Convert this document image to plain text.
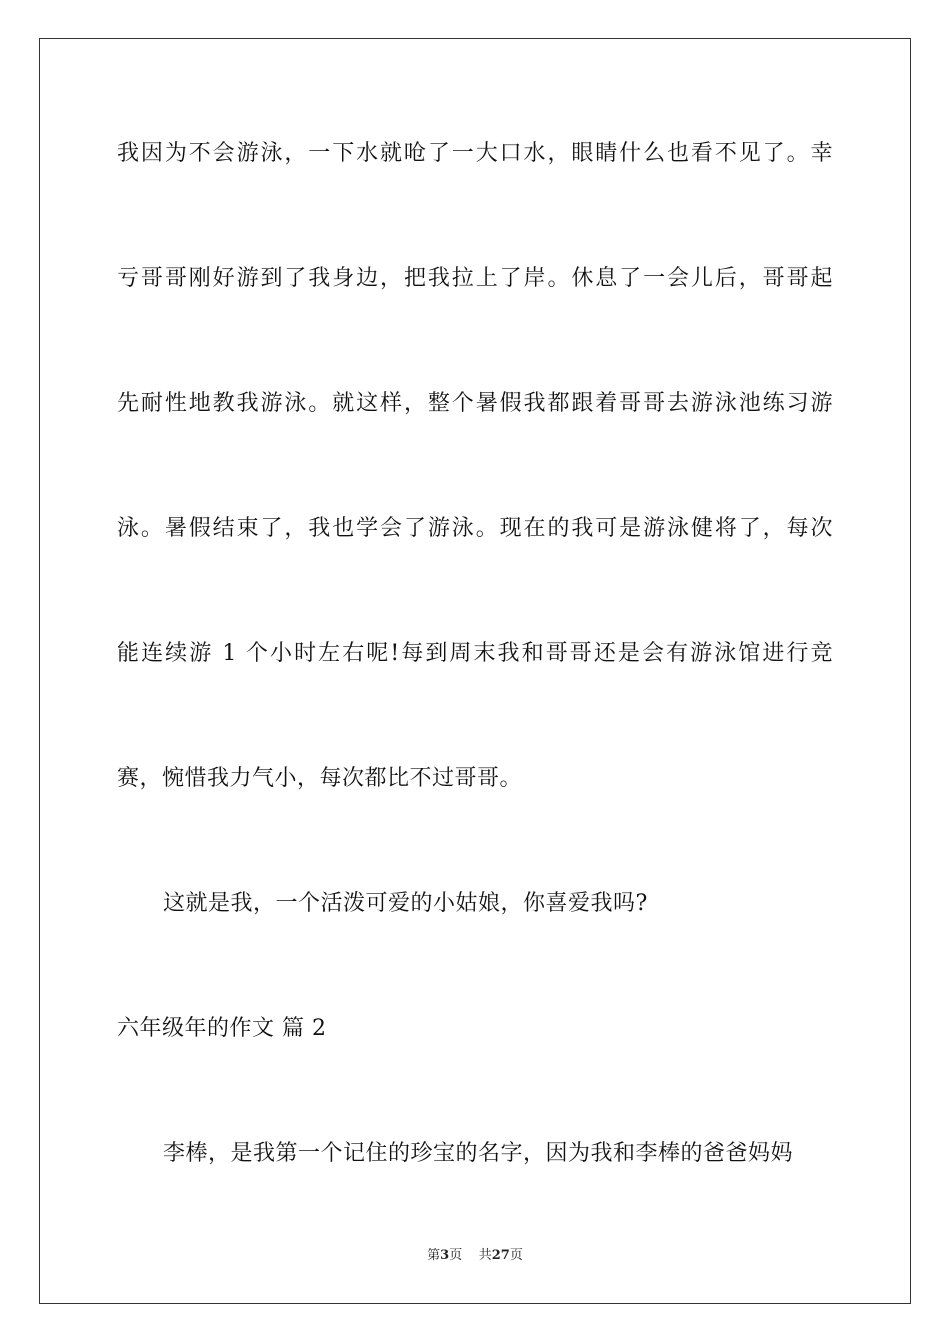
我因为不会游泳，一下水就呛了一大口水，眼睛什么也看不见了。幸
亏哥哥刚好游到了我身边，把我拉上了岸。休息了一会儿后，哥哥起
先耐性地教我游泳。就这样，整个暑假我都跟着哥哥去游泳池练习游
泳。暑假结束了，我也学会了游泳。现在的我可是游泳健将了，每次
能连续游 1 个小时左右呢!每到周末我和哥哥还是会有游泳馆进行竞
赛，惋惜我力气小，每次都比不过哥哥。
这就是我，一个活泼可爱的小姑娘，你喜爱我吗?
六年级年的作文 篇 2
李棒，是我第一个记住的珍宝的名字，因为我和李棒的爸爸妈妈
第3页 共27页
